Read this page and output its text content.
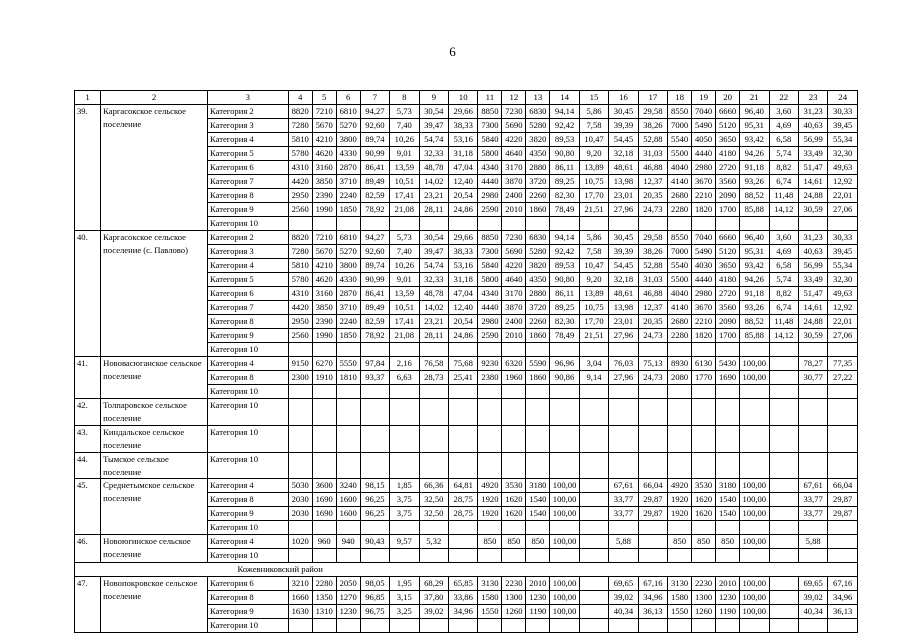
6
1	2	3	4	5	6	7	8	9	10	11	12	13	14	15	16	17	18	19	20	21	22	23	24
39.	Каргасокское сельское поселение	Категория 2	8820	7210	6810	94,27	5,73	30,54	29,66	8850	7230	6830	94,14	5,86	30,45	29,58	8550	7040	6660	96,40	3,60	31,23	30,33
		Категория 3	7280	5670	5270	92,60	7,40	39,47	38,33	7300	5690	5280	92,42	7,58	39,39	38,26	7000	5490	5120	95,31	4,69	40,63	39,45
		Категория 4	5810	4210	3800	89,74	10,26	54,74	53,16	5840	4220	3820	89,53	10,47	54,45	52,88	5540	4050	3650	93,42	6,58	56,99	55,34
		Категория 5	5780	4620	4330	90,99	9,01	32,33	31,18	5800	4640	4350	90,80	9,20	32,18	31,03	5500	4440	4180	94,26	5,74	33,49	32,30
		Категория 6	4310	3160	2870	86,41	13,59	48,78	47,04	4340	3170	2880	86,11	13,89	48,61	46,88	4040	2980	2720	91,18	8,82	51,47	49,63
		Категория 7	4420	3850	3710	89,49	10,51	14,02	12,40	4440	3870	3720	89,25	10,75	13,98	12,37	4140	3670	3560	93,26	6,74	14,61	12,92
		Категория 8	2950	2390	2240	82,59	17,41	23,21	20,54	2980	2400	2260	82,30	17,70	23,01	20,35	2680	2210	2090	88,52	11,48	24,88	22,01
		Категория 9	2560	1990	1850	78,92	21,08	28,11	24,86	2590	2010	1860	78,49	21,51	27,96	24,73	2280	1820	1700	85,88	14,12	30,59	27,06
		Категория 10																					
40.	Каргасокское сельское поселение (с. Павлово)	Категория 2	8820	7210	6810	94,27	5,73	30,54	29,66	8850	7230	6830	94,14	5,86	30,45	29,58	8550	7040	6660	96,40	3,60	31,23	30,33
		Категория 3	7280	5670	5270	92,60	7,40	39,47	38,33	7300	5690	5280	92,42	7,58	39,39	38,26	7000	5490	5120	95,31	4,69	40,63	39,45
		Категория 4	5810	4210	3800	89,74	10,26	54,74	53,16	5840	4220	3820	89,53	10,47	54,45	52,88	5540	4030	3650	93,42	6,58	56,99	55,34
		Категория 5	5780	4620	4330	90,99	9,01	32,33	31,18	5800	4640	4350	90,80	9,20	32,18	31,03	5500	4440	4180	94,26	5,74	33,49	32,30
		Категория 6	4310	3160	2870	86,41	13,59	48,78	47,04	4340	3170	2880	86,11	13,89	48,61	46,88	4040	2980	2720	91,18	8,82	51,47	49,63
		Категория 7	4420	3850	3710	89,49	10,51	14,02	12,40	4440	3870	3720	89,25	10,75	13,98	12,37	4140	3670	3560	93,26	6,74	14,61	12,92
		Категория 8	2950	2390	2240	82,59	17,41	23,21	20,54	2980	2400	2260	82,30	17,70	23,01	20,35	2680	2210	2090	88,52	11,48	24,88	22,01
		Категория 9	2560	1990	1850	78,92	21,08	28,11	24,86	2590	2010	1860	78,49	21,51	27,96	24,73	2280	1820	1700	85,88	14,12	30,59	27,06
		Категория 10																					
41.	Нововасюганское сельское поселение	Категория 4	9150	6270	5550	97,84	2,16	76,58	75,68	9230	6320	5590	96,96	3,04	76,03	75,13	8930	6130	5430	100,00		78,27	77,35
		Категория 8	2300	1910	1810	93,37	6,63	28,73	25,41	2380	1960	1860	90,86	9,14	27,96	24,73	2080	1770	1690	100,00		30,77	27,22
		Категория 10																					
42.	Толпаровское сельское поселение	Категория 10																					
43.	Киндальское сельское поселение	Категория 10																					
44.	Тымское сельское поселение	Категория 10																					
45.	Среднетымское сельское поселение	Категория 4	5030	3600	3240	98,15	1,85	66,36	64,81	4920	3530	3180	100,00		67,61	66,04	4920	3530	3180	100,00		67,61	66,04
		Категория 8	2030	1690	1600	96,25	3,75	32,50	28,75	1920	1620	1540	100,00		33,77	29,87	1920	1620	1540	100,00		33,77	29,87
		Категория 9	2030	1690	1600	96,25	3,75	32,50	28,75	1920	1620	1540	100,00		33,77	29,87	1920	1620	1540	100,00		33,77	29,87
		Категория 10																					
46.	Новоюгинское сельское поселение	Категория 4	1020	960	940	90,43	9,57	5,32		850	850	850	100,00		5,88		850	850	850	100,00		5,88	
		Категория 10																					
		Кожевниковский район																					
47.	Новопокровское сельское поселение	Категория 6	3210	2280	2050	98,05	1,95	68,29	65,85	3130	2230	2010	100,00		69,65	67,16	3130	2230	2010	100,00		69,65	67,16
		Категория 8	1660	1350	1270	96,85	3,15	37,80	33,86	1580	1300	1230	100,00		39,02	34,96	1580	1300	1230	100,00		39,02	34,96
		Категория 9	1630	1310	1230	96,75	3,25	39,02	34,96	1550	1260	1190	100,00		40,34	36,13	1550	1260	1190	100,00		40,34	36,13
		Категория 10																					
